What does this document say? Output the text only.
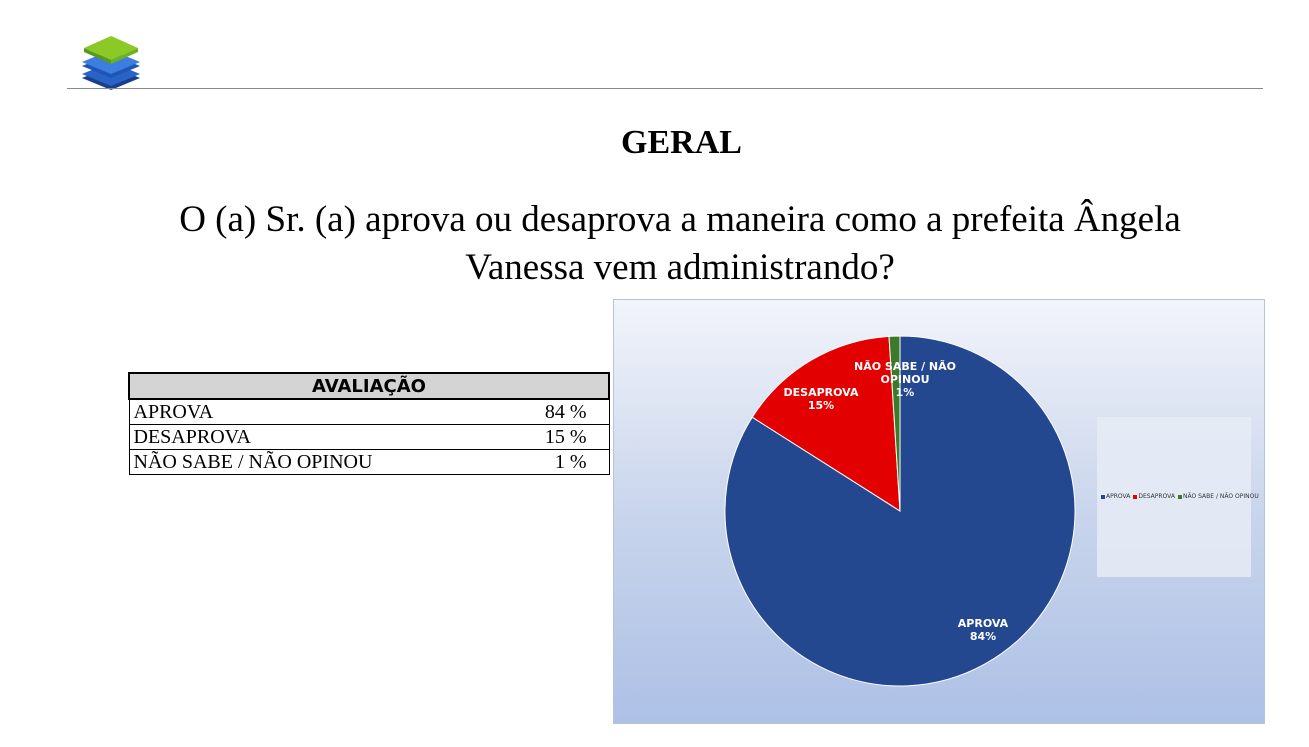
GERAL
O (a) Sr. (a) aprova ou desaprova a maneira como a prefeita Ângela
Vanessa vem administrando?
AVALIAÇÃO	
APROVA	84 %
DESAPROVA	15 %
NÃO SABE / NÃO OPINOU	1 %
APROVA 84%
DESAPROVA 15%
NÃO SABE / NÃO OPINOU 1%
APROVA DESAPROVA NÃO SABE / NÃO OPINOU
